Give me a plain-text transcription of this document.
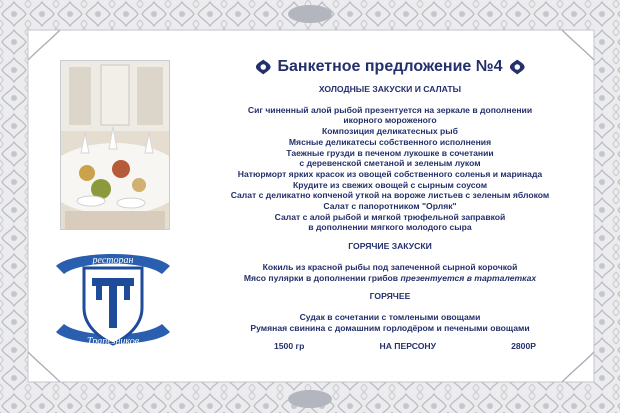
ресторан
Трапезников
Банкетное предложение №4
ХОЛОДНЫЕ ЗАКУСКИ И САЛАТЫ
Сиг чиненный алой рыбой презентуется на зеркале в дополнении
икорного мороженого
Композиция деликатесных рыб
Мясные деликатесы собственного исполнения
Таежные грузди в печеном лукошке в сочетании
с деревенской сметаной и зеленым луком
Натюрморт ярких красок из овощей собственного соленья и маринада
Крудите из свежих овощей с сырным соусом
Салат с деликатно копченой уткой на вороже листьев с зеленым яблоком
Салат с папоротником "Орляк"
Салат с алой рыбой и мягкой трюфельной заправкой
в дополнении мягкого молодого сыра
ГОРЯЧИЕ ЗАКУСКИ
Кокиль из красной рыбы под запеченной сырной корочкой
Мясо пулярки в дополнении грибов презентуется в тарталетках
ГОРЯЧЕЕ
Судак в сочетании с томлеными овощами
Румяная свинина с домашним горлодёром и печеными овощами
1500 гр	НА ПЕРСОНУ	2800Р
